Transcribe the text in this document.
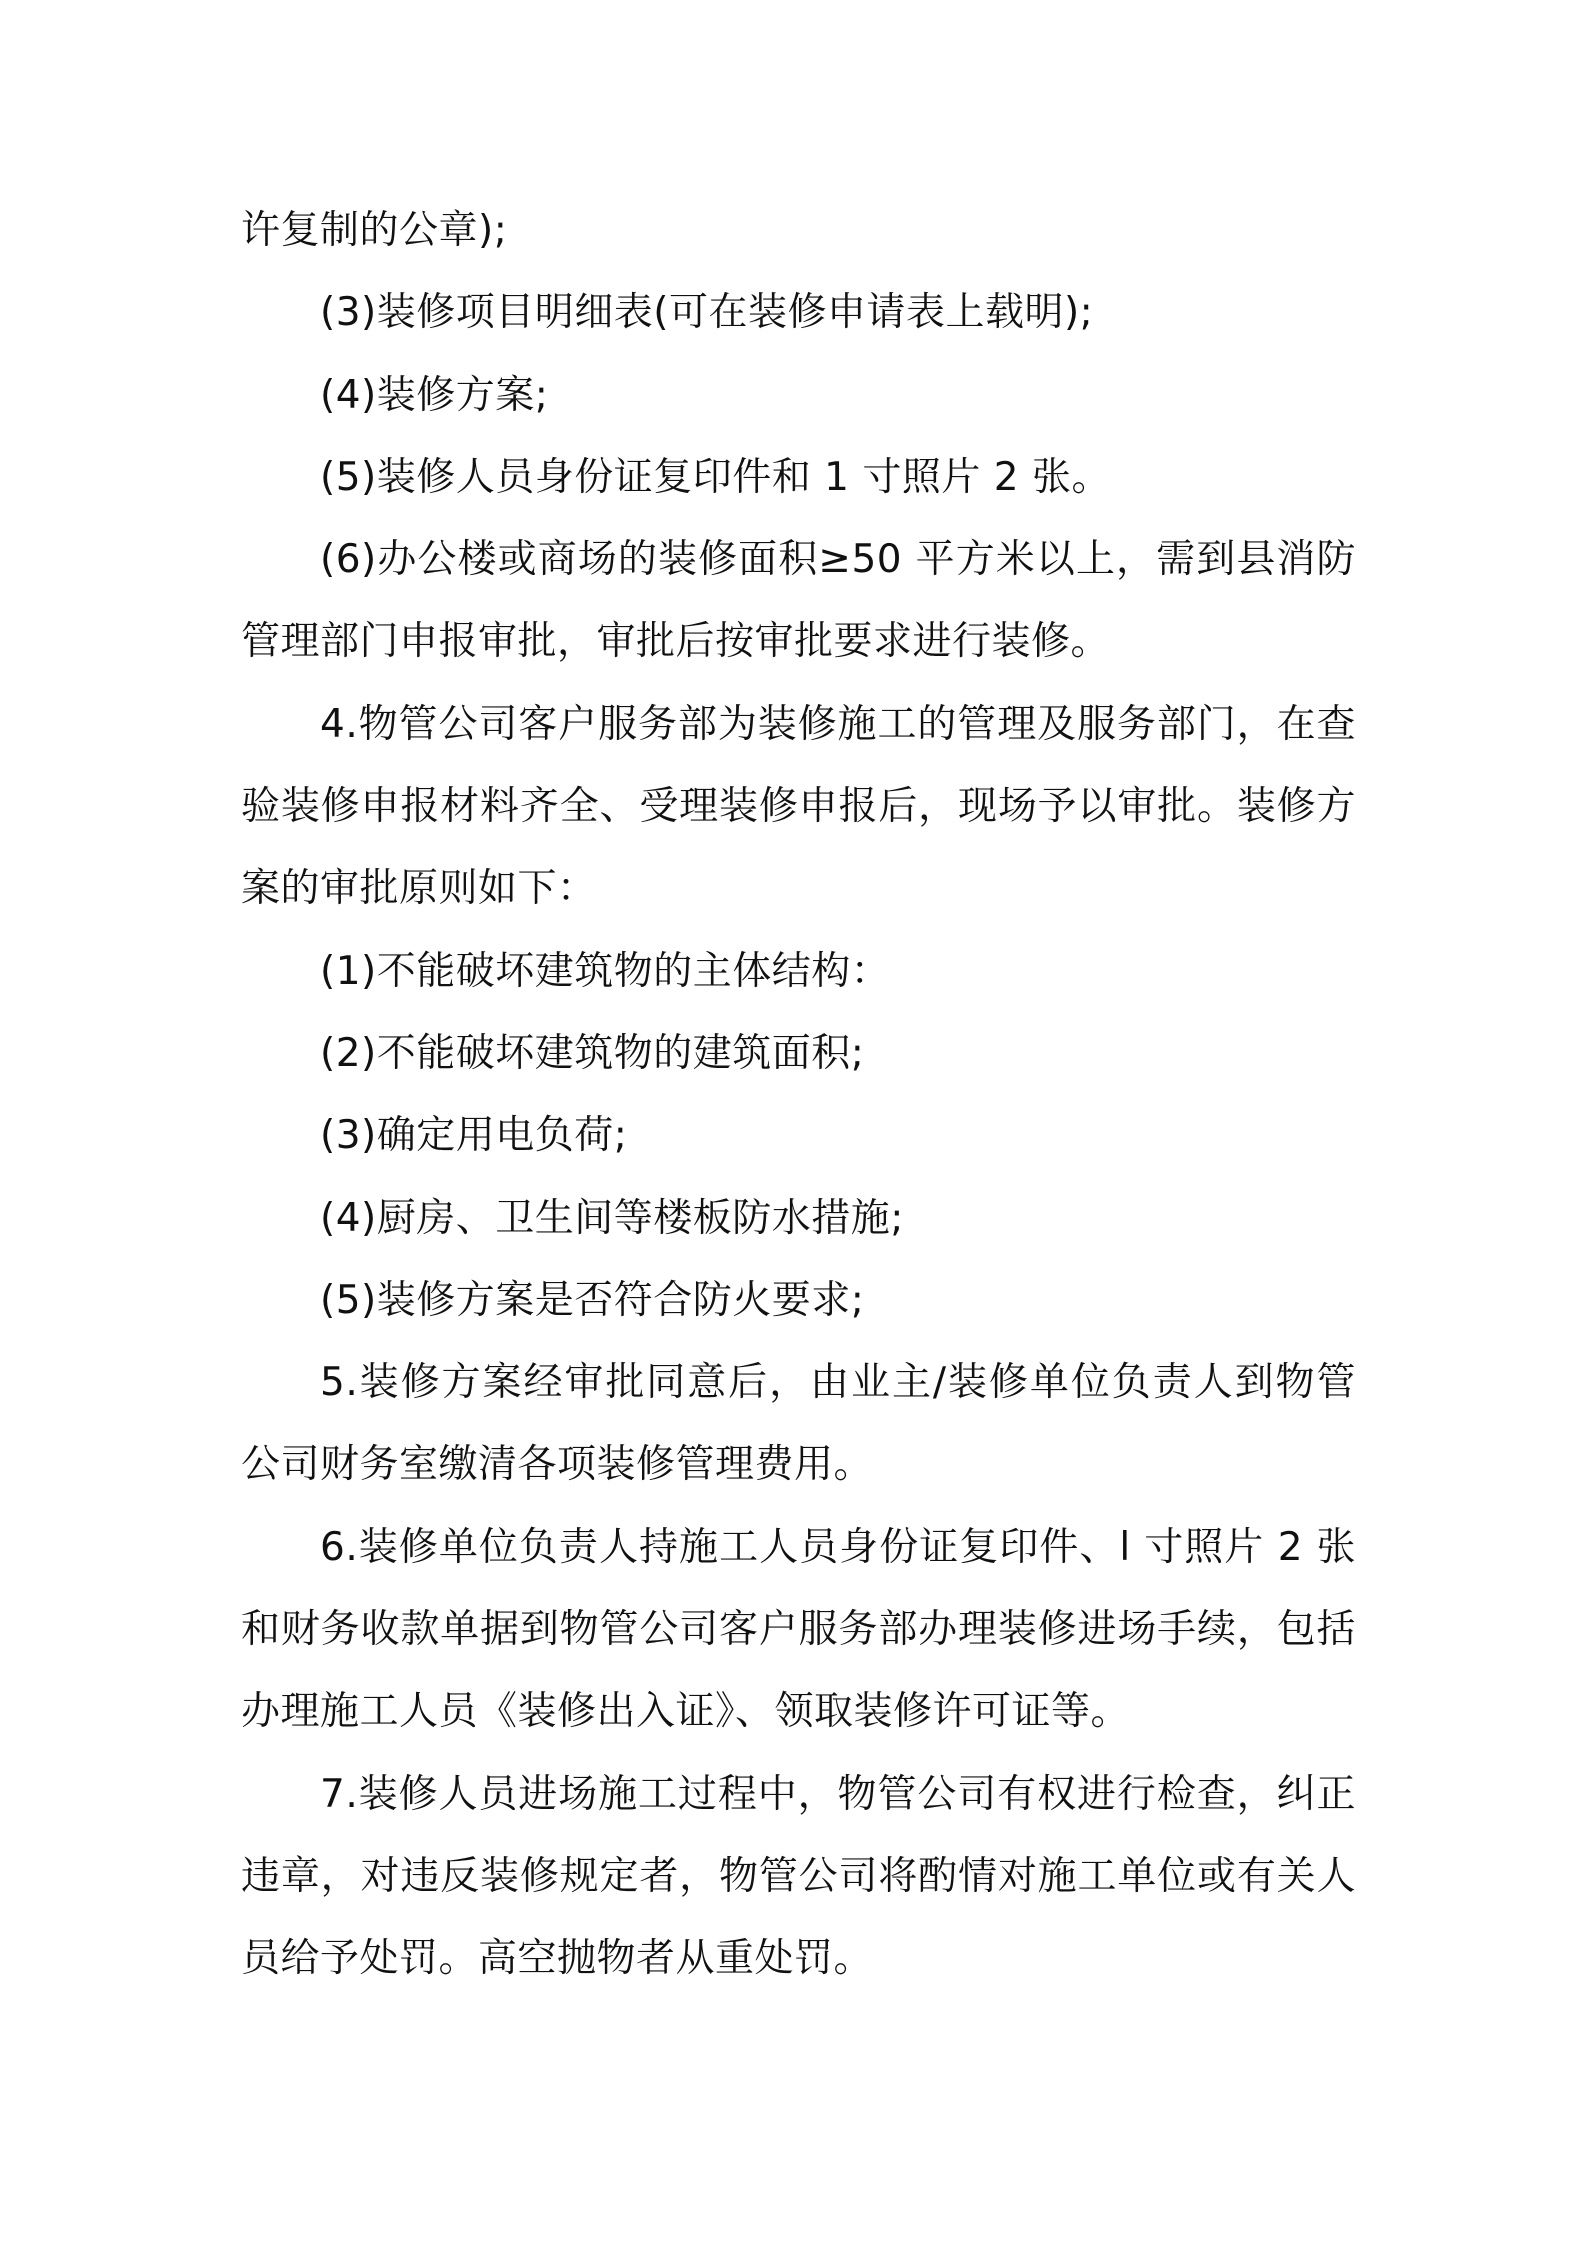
许复制的公章);

(3)装修项目明细表(可在装修申请表上载明);

(4)装修方案;

(5)装修人员身份证复印件和 1 寸照片 2 张。

(6)办公楼或商场的装修面积≥50 平方米以上，需到县消防管理部门申报审批，审批后按审批要求进行装修。

4.物管公司客户服务部为装修施工的管理及服务部门，在查验装修申报材料齐全、受理装修申报后，现场予以审批。装修方案的审批原则如下：

(1)不能破坏建筑物的主体结构：

(2)不能破坏建筑物的建筑面积;

(3)确定用电负荷;

(4)厨房、卫生间等楼板防水措施;

(5)装修方案是否符合防火要求;

5.装修方案经审批同意后，由业主/装修单位负责人到物管公司财务室缴清各项装修管理费用。

6.装修单位负责人持施工人员身份证复印件、l 寸照片 2 张和财务收款单据到物管公司客户服务部办理装修进场手续，包括办理施工人员《装修出入证》、领取装修许可证等。

7.装修人员进场施工过程中，物管公司有权进行检查，纠正违章，对违反装修规定者，物管公司将酌情对施工单位或有关人员给予处罚。高空抛物者从重处罚。
